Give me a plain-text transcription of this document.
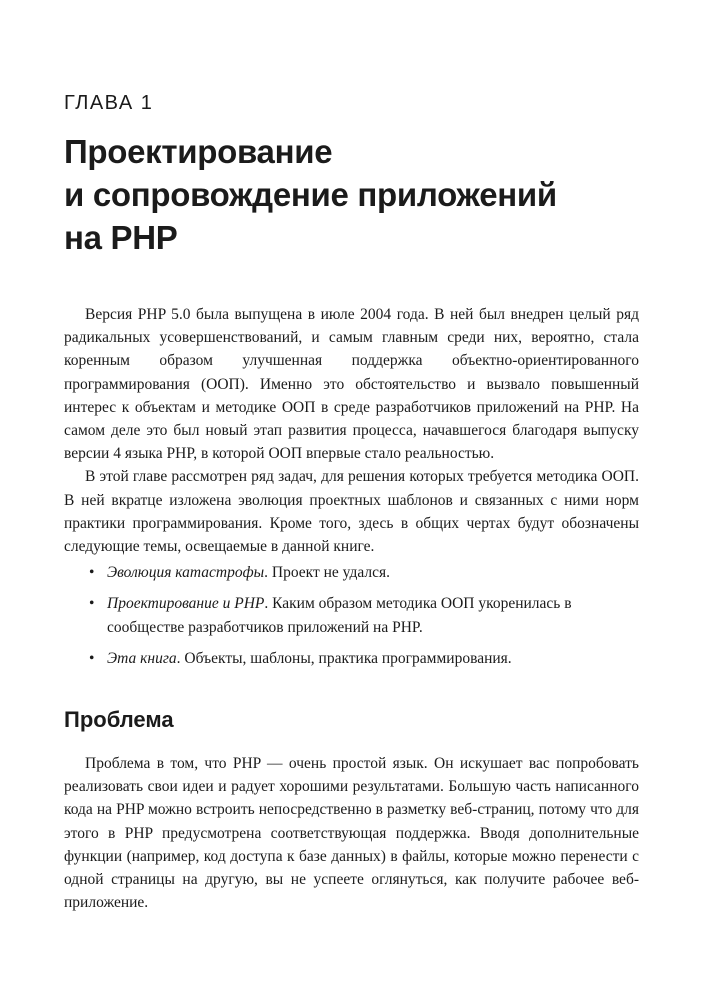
ГЛАВА 1
Проектирование
и сопровождение приложений
на PHP

Версия PHP 5.0 была выпущена в июле 2004 года. В ней был внедрен целый ряд радикальных усовершенствований, и самым главным среди них, вероятно, стала коренным образом улучшенная поддержка объектно-ориентированного программирования (ООП). Именно это обстоятельство и вызвало повышенный интерес к объектам и методике ООП в среде разработчиков приложений на PHP. На самом деле это был новый этап развития процесса, начавшегося благодаря выпуску версии 4 языка PHP, в которой ООП впервые стало реальностью.

В этой главе рассмотрен ряд задач, для решения которых требуется методика ООП. В ней вкратце изложена эволюция проектных шаблонов и связанных с ними норм практики программирования. Кроме того, здесь в общих чертах будут обозначены следующие темы, освещаемые в данной книге.

• Эволюция катастрофы. Проект не удался.
• Проектирование и PHP. Каким образом методика ООП укоренилась в сообществе разработчиков приложений на PHP.
• Эта книга. Объекты, шаблоны, практика программирования.
Проблема

Проблема в том, что PHP — очень простой язык. Он искушает вас попробовать реализовать свои идеи и радует хорошими результатами. Большую часть написанного кода на PHP можно встроить непосредственно в разметку веб-страниц, потому что для этого в PHP предусмотрена соответствующая поддержка. Вводя дополнительные функции (например, код доступа к базе данных) в файлы, которые можно перенести с одной страницы на другую, вы не успеете оглянуться, как получите рабочее веб-приложение.
